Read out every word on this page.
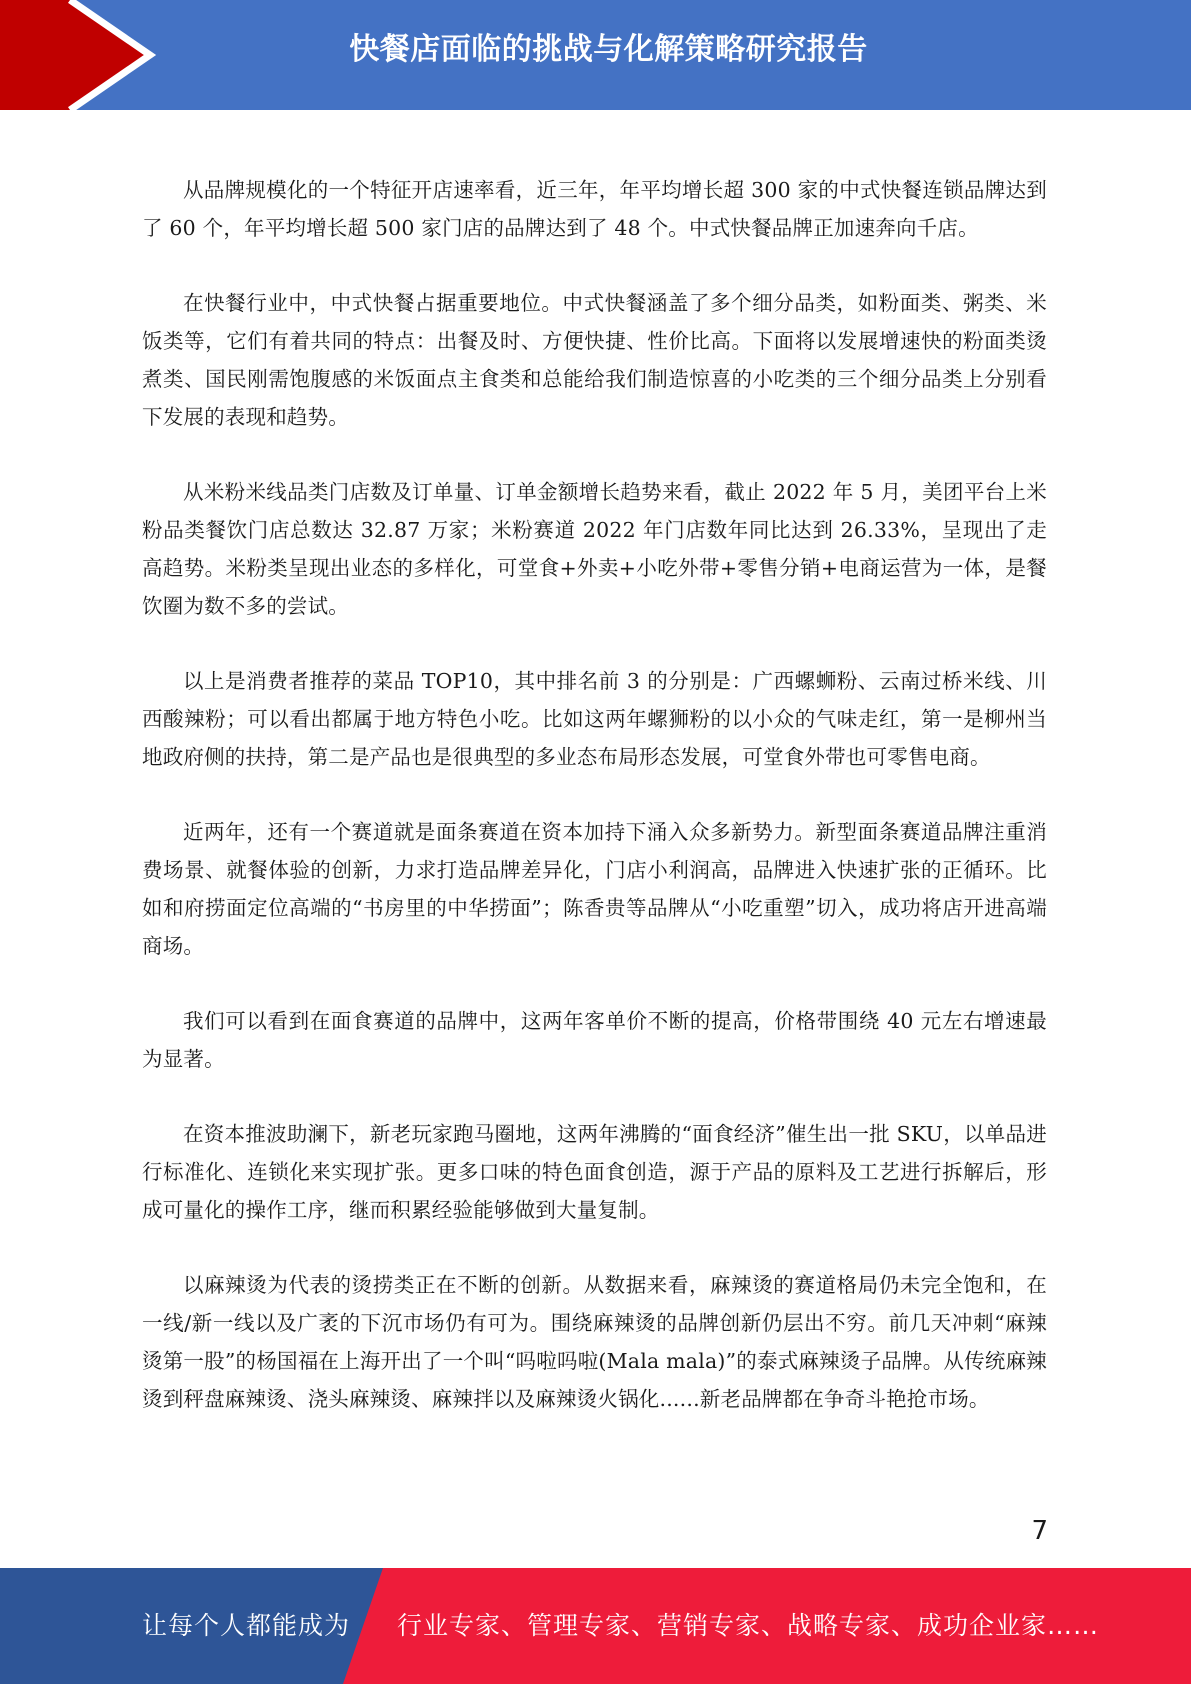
快餐店面临的挑战与化解策略研究报告

从品牌规模化的一个特征开店速率看，近三年，年平均增长超 300 家的中式快餐连锁品牌达到了 60 个，年平均增长超 500 家门店的品牌达到了 48 个。中式快餐品牌正加速奔向千店。

在快餐行业中，中式快餐占据重要地位。中式快餐涵盖了多个细分品类，如粉面类、粥类、米饭类等，它们有着共同的特点：出餐及时、方便快捷、性价比高。下面将以发展增速快的粉面类烫煮类、国民刚需饱腹感的米饭面点主食类和总能给我们制造惊喜的小吃类的三个细分品类上分别看下发展的表现和趋势。

从米粉米线品类门店数及订单量、订单金额增长趋势来看，截止 2022 年 5 月，美团平台上米粉品类餐饮门店总数达 32.87 万家；米粉赛道 2022 年门店数年同比达到 26.33%，呈现出了走高趋势。米粉类呈现出业态的多样化，可堂食+外卖+小吃外带+零售分销+电商运营为一体，是餐饮圈为数不多的尝试。

以上是消费者推荐的菜品 TOP10，其中排名前 3 的分别是：广西螺蛳粉、云南过桥米线、川西酸辣粉；可以看出都属于地方特色小吃。比如这两年螺狮粉的以小众的气味走红，第一是柳州当地政府侧的扶持，第二是产品也是很典型的多业态布局形态发展，可堂食外带也可零售电商。

近两年，还有一个赛道就是面条赛道在资本加持下涌入众多新势力。新型面条赛道品牌注重消费场景、就餐体验的创新，力求打造品牌差异化，门店小利润高，品牌进入快速扩张的正循环。比如和府捞面定位高端的“书房里的中华捞面”；陈香贵等品牌从“小吃重塑”切入，成功将店开进高端商场。

我们可以看到在面食赛道的品牌中，这两年客单价不断的提高，价格带围绕 40 元左右增速最为显著。

在资本推波助澜下，新老玩家跑马圈地，这两年沸腾的“面食经济”催生出一批 SKU，以单品进行标准化、连锁化来实现扩张。更多口味的特色面食创造，源于产品的原料及工艺进行拆解后，形成可量化的操作工序，继而积累经验能够做到大量复制。

以麻辣烫为代表的烫捞类正在不断的创新。从数据来看，麻辣烫的赛道格局仍未完全饱和，在一线/新一线以及广袤的下沉市场仍有可为。围绕麻辣烫的品牌创新仍层出不穷。前几天冲刺“麻辣烫第一股”的杨国福在上海开出了一个叫“吗啦吗啦(Mala mala)”的泰式麻辣烫子品牌。从传统麻辣烫到秤盘麻辣烫、浇头麻辣烫、麻辣拌以及麻辣烫火锅化......新老品牌都在争奇斗艳抢市场。

7
让每个人都能成为 行业专家、管理专家、营销专家、战略专家、成功企业家……
